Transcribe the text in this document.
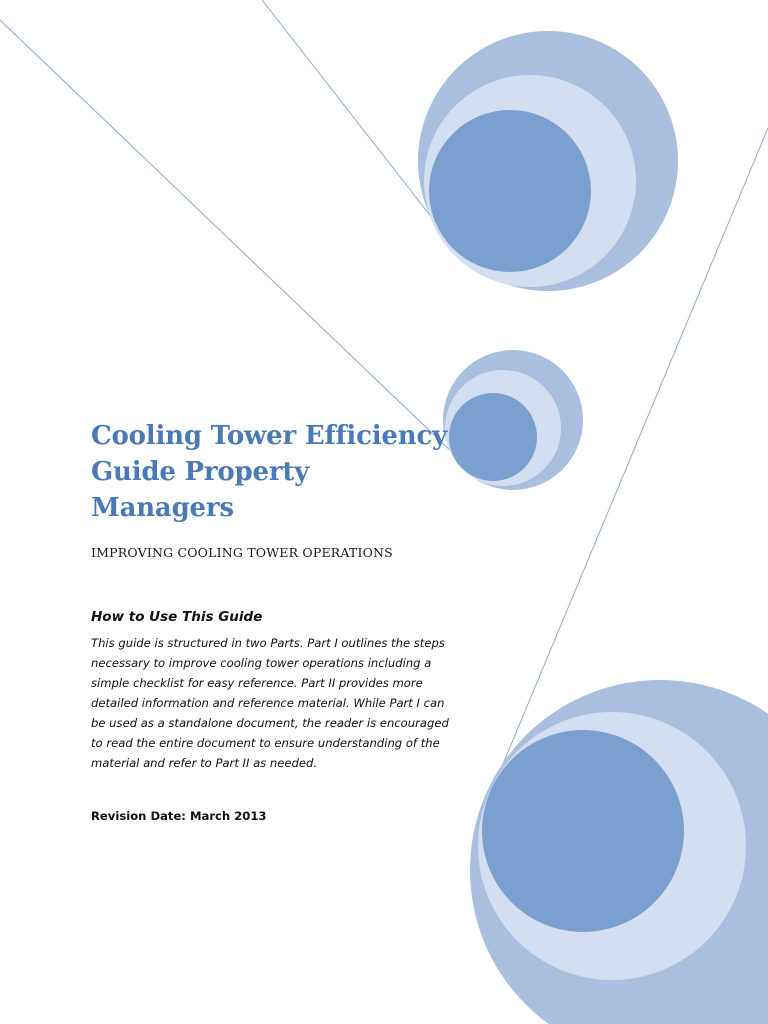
Cooling Tower Efficiency
Guide Property
Managers

IMPROVING COOLING TOWER OPERATIONS

How to Use This Guide

This guide is structured in two Parts. Part I outlines the steps
necessary to improve cooling tower operations including a
simple checklist for easy reference. Part II provides more
detailed information and reference material. While Part I can
be used as a standalone document, the reader is encouraged
to read the entire document to ensure understanding of the
material and refer to Part II as needed.

Revision Date: March 2013
